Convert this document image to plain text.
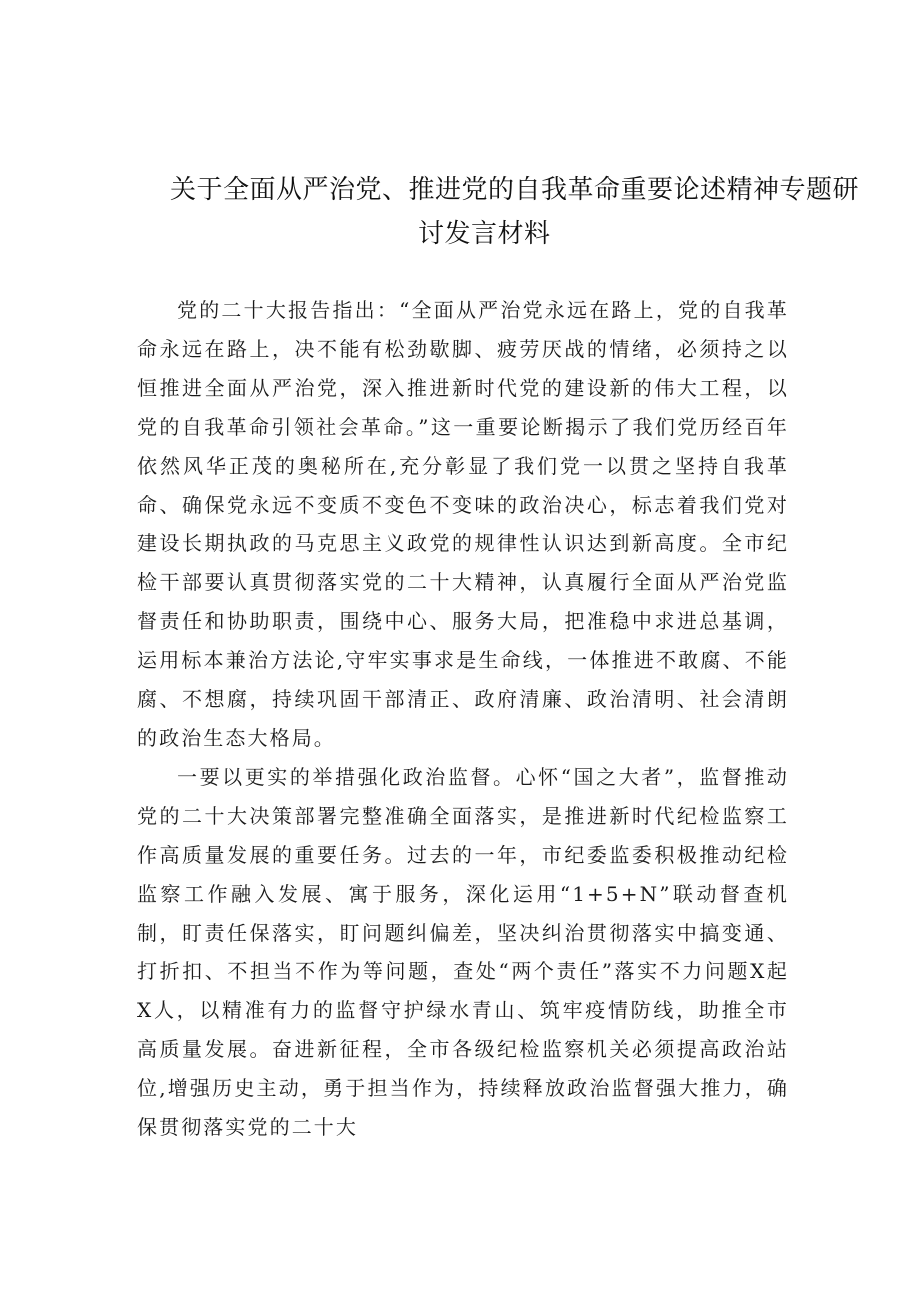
关于全面从严治党、推进党的自我革命重要论述精神专题研
讨发言材料

党的二十大报告指出：“全面从严治党永远在路上，党的自我革命永远在路上，决不能有松劲歇脚、疲劳厌战的情绪，必须持之以恒推进全面从严治党，深入推进新时代党的建设新的伟大工程，以党的自我革命引领社会革命。”这一重要论断揭示了我们党历经百年依然风华正茂的奥秘所在,充分彰显了我们党一以贯之坚持自我革命、确保党永远不变质不变色不变味的政治决心，标志着我们党对建设长期执政的马克思主义政党的规律性认识达到新高度。全市纪检干部要认真贯彻落实党的二十大精神，认真履行全面从严治党监督责任和协助职责，围绕中心、服务大局，把准稳中求进总基调，运用标本兼治方法论,守牢实事求是生命线，一体推进不敢腐、不能腐、不想腐，持续巩固干部清正、政府清廉、政治清明、社会清朗的政治生态大格局。

一要以更实的举措强化政治监督。心怀“国之大者”，监督推动党的二十大决策部署完整准确全面落实，是推进新时代纪检监察工作高质量发展的重要任务。过去的一年，市纪委监委积极推动纪检监察工作融入发展、寓于服务，深化运用“1+5+N”联动督查机制，盯责任保落实，盯问题纠偏差，坚决纠治贯彻落实中搞变通、打折扣、不担当不作为等问题，查处“两个责任”落实不力问题X起X人，以精准有力的监督守护绿水青山、筑牢疫情防线，助推全市高质量发展。奋进新征程，全市各级纪检监察机关必须提高政治站位,增强历史主动，勇于担当作为，持续释放政治监督强大推力，确保贯彻落实党的二十大
